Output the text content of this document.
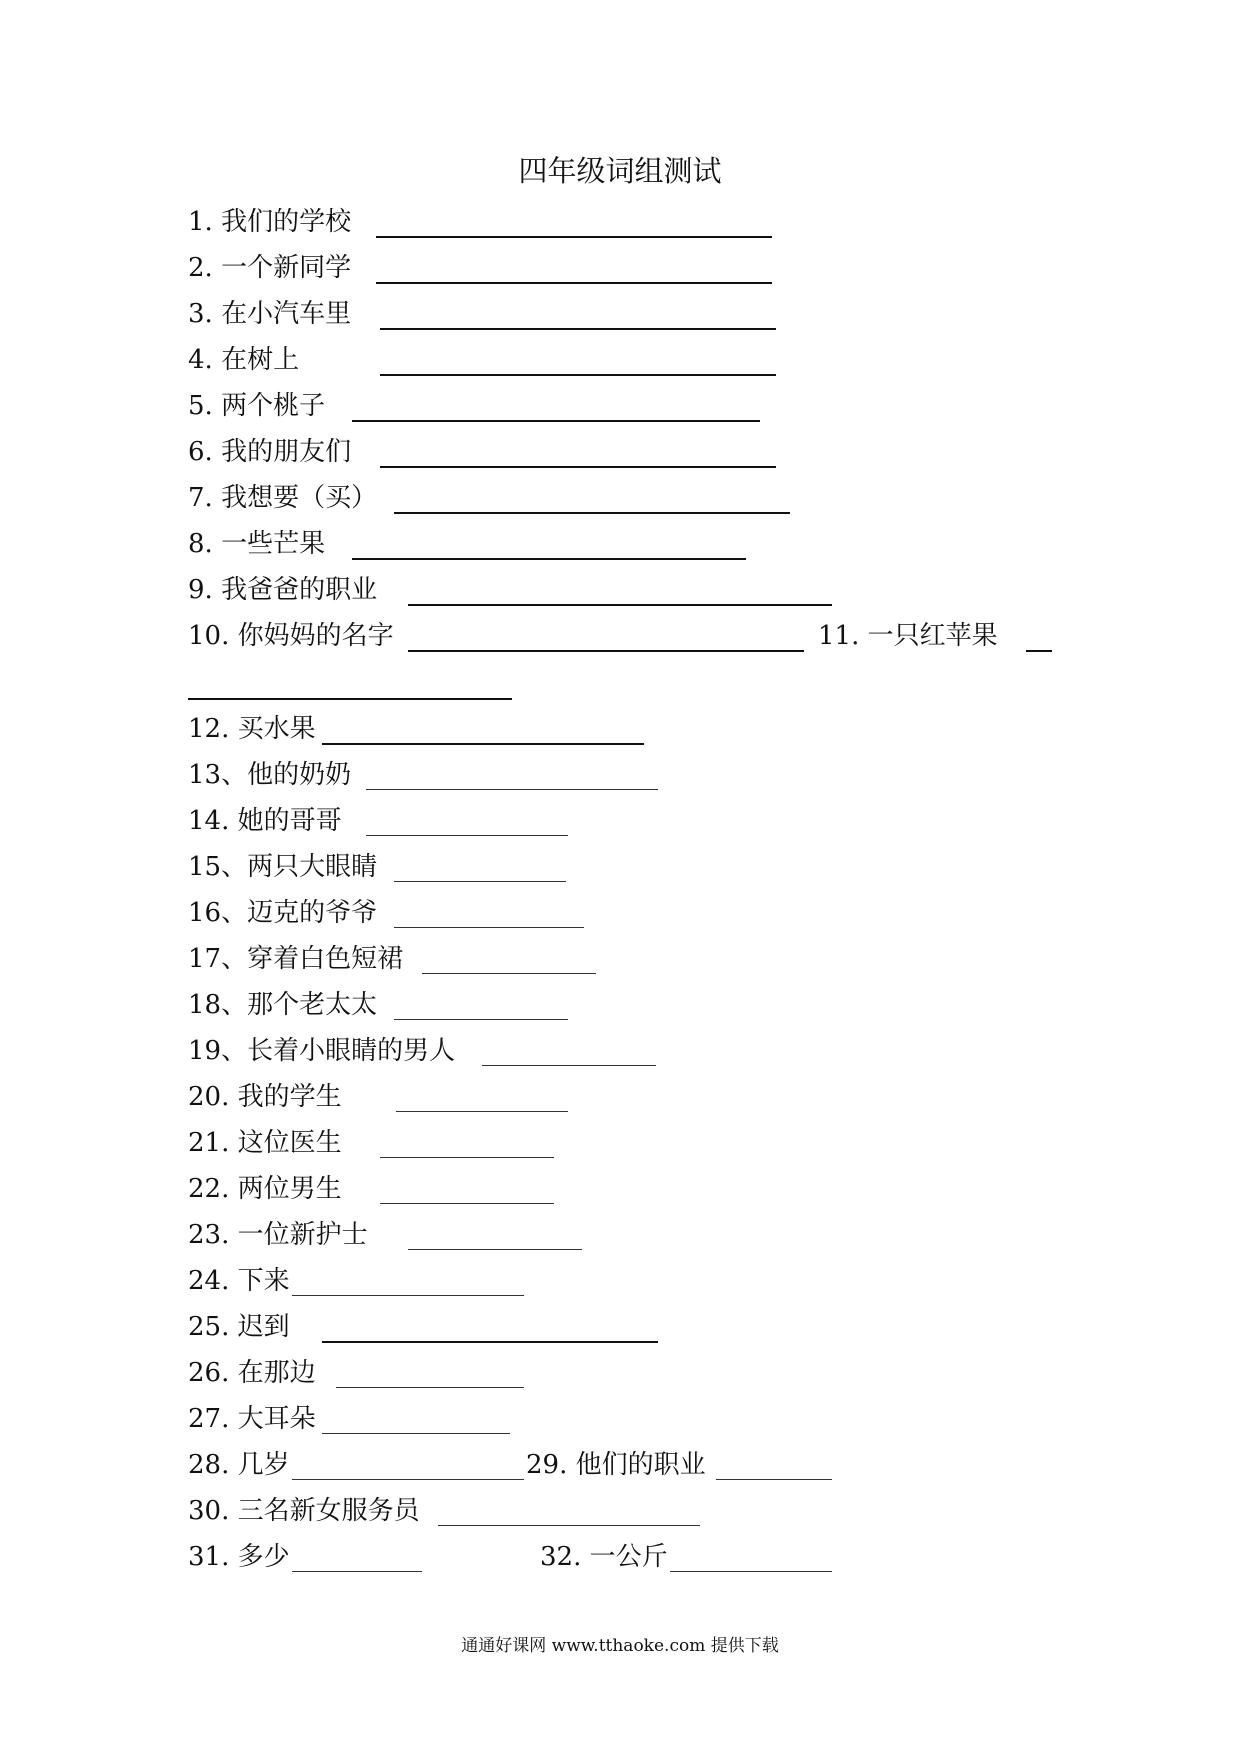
四年级词组测试
1. 我们的学校
2. 一个新同学
3. 在小汽车里
4. 在树上
5. 两个桃子
6. 我的朋友们
7. 我想要（买）
8. 一些芒果
9. 我爸爸的职业
10. 你妈妈的名字	11. 一只红苹果
12. 买水果
13、他的奶奶
14. 她的哥哥
15、两只大眼睛
16、迈克的爷爷
17、穿着白色短裙
18、那个老太太
19、长着小眼睛的男人
20. 我的学生
21. 这位医生
22. 两位男生
23. 一位新护士
24. 下来
25. 迟到
26. 在那边
27. 大耳朵
28. 几岁	29. 他们的职业
30. 三名新女服务员
31. 多少	32. 一公斤
通通好课网 www.tthaoke.com 提供下载
